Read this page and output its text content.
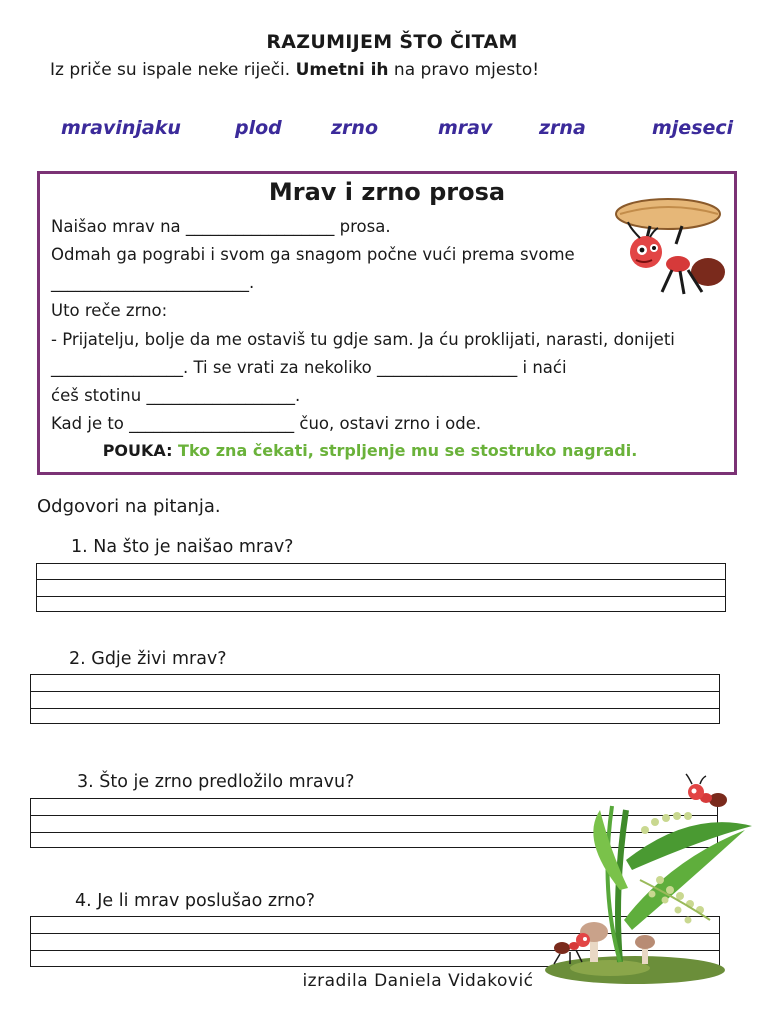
RAZUMIJEM ŠTO ČITAM
Iz priče su ispale neke riječi. Umetni ih na pravo mjesto!
mravinjaku	plod	zrno	mrav zrna	mjeseci
Mrav i zrno prosa
Naišao mrav na __________________ prosa.
Odmah ga pograbi i svom ga snagom počne vući prema svome
________________________.
Uto reče zrno:
- Prijatelju, bolje da me ostaviš tu gdje sam. Ja ću proklijati, narasti, donijeti
________________. Ti se vrati za nekoliko _________________ i naći
ćeš stotinu __________________.
Kad je to ____________________ čuo, ostavi zrno i ode.
POUKA: Tko zna čekati, strpljenje mu se stostruko nagradi.
Odgovori na pitanja.
1. Na što je naišao mrav?
2. Gdje živi mrav?
3. Što je zrno predložilo mravu?
4. Je li mrav poslušao zrno?
izradila Daniela Vidaković
